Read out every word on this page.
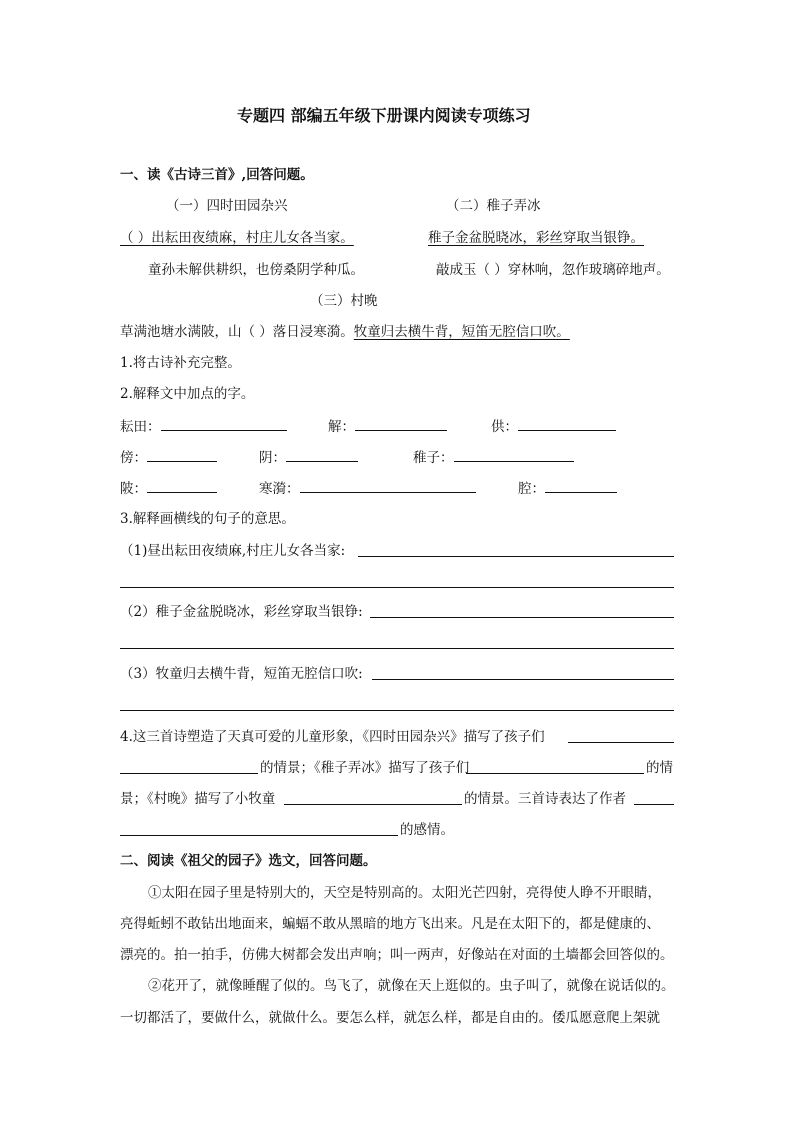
专题四 部编五年级下册课内阅读专项练习
一、读《古诗三首》,回答问题。
（一）四时田园杂兴	（二）稚子弄冰
（ ）出耘田夜绩麻，村庄儿女各当家。	稚子金盆脱晓冰，彩丝穿取当银铮。
童孙未解供耕织，也傍桑阴学种瓜。	敲成玉（ ）穿林响，忽作玻璃碎地声。
（三）村晚
草满池塘水满陂，山（ ）落日浸寒漪。牧童归去横牛背，短笛无腔信口吹。
1.将古诗补充完整。
2.解释文中加点的字。
耘田：	解：	供：
傍：	阴：	稚子：
陂：	寒漪：	腔：
3.解释画横线的句子的意思。
（1)昼出耘田夜绩麻,村庄儿女各当家:
（2）稚子金盆脱晓冰，彩丝穿取当银铮:
（3）牧童归去横牛背，短笛无腔信口吹:
4.这三首诗塑造了天真可爱的儿童形象，《四时田园杂兴》描写了孩子们
的情景；《稚子弄冰》描写了孩子们	的情
景；《村晚》描写了小牧童	的情景。三首诗表达了作者
的感情。
二、阅读《祖父的园子》选文，回答问题。
①太阳在园子里是特别大的，天空是特别高的。太阳光芒四射，亮得使人睁不开眼睛，
亮得蚯蚓不敢钻出地面来，蝙蝠不敢从黑暗的地方飞出来。凡是在太阳下的，都是健康的、
漂亮的。拍一拍手，仿佛大树都会发出声响；叫一两声，好像站在对面的土墙都会回答似的。
②花开了，就像睡醒了似的。鸟飞了，就像在天上逛似的。虫子叫了，就像在说话似的。
一切都活了，要做什么，就做什么。要怎么样，就怎么样，都是自由的。倭瓜愿意爬上架就
